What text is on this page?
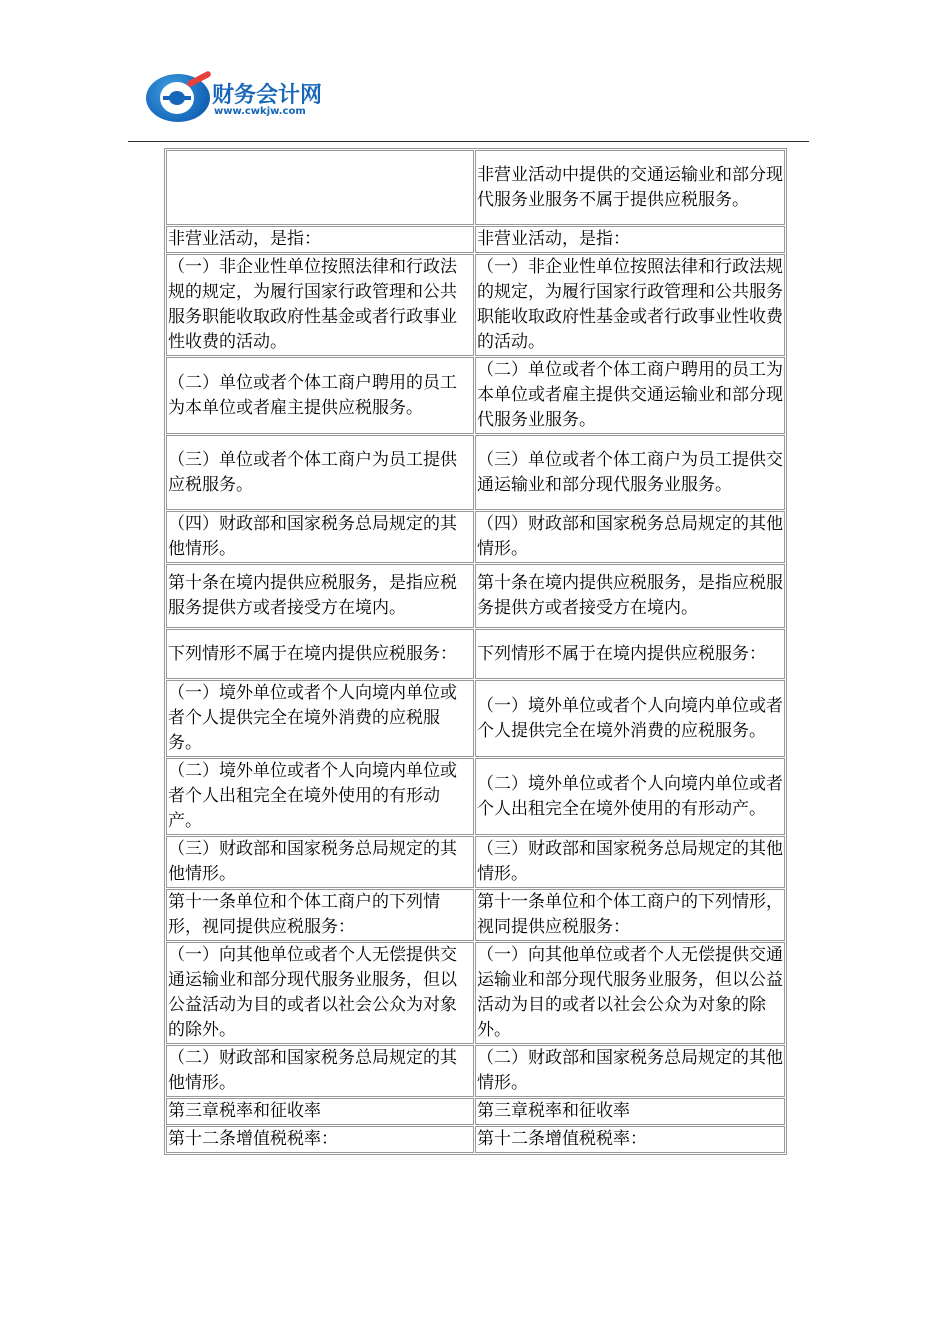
财务会计网
www.cwkjw.com
	非营业活动中提供的交通运输业和部分现代服务业服务不属于提供应税服务。
非营业活动，是指：	非营业活动，是指：
（一）非企业性单位按照法律和行政法规的规定，为履行国家行政管理和公共服务职能收取政府性基金或者行政事业性收费的活动。	（一）非企业性单位按照法律和行政法规的规定，为履行国家行政管理和公共服务职能收取政府性基金或者行政事业性收费的活动。
（二）单位或者个体工商户聘用的员工为本单位或者雇主提供应税服务。	（二）单位或者个体工商户聘用的员工为本单位或者雇主提供交通运输业和部分现代服务业服务。
（三）单位或者个体工商户为员工提供应税服务。	（三）单位或者个体工商户为员工提供交通运输业和部分现代服务业服务。
（四）财政部和国家税务总局规定的其他情形。	（四）财政部和国家税务总局规定的其他情形。
第十条在境内提供应税服务，是指应税服务提供方或者接受方在境内。	第十条在境内提供应税服务，是指应税服务提供方或者接受方在境内。
下列情形不属于在境内提供应税服务：	下列情形不属于在境内提供应税服务：
（一）境外单位或者个人向境内单位或者个人提供完全在境外消费的应税服务。	（一）境外单位或者个人向境内单位或者个人提供完全在境外消费的应税服务。
（二）境外单位或者个人向境内单位或者个人出租完全在境外使用的有形动产。	（二）境外单位或者个人向境内单位或者个人出租完全在境外使用的有形动产。
（三）财政部和国家税务总局规定的其他情形。	（三）财政部和国家税务总局规定的其他情形。
第十一条单位和个体工商户的下列情形，视同提供应税服务：	第十一条单位和个体工商户的下列情形，视同提供应税服务：
（一）向其他单位或者个人无偿提供交通运输业和部分现代服务业服务，但以公益活动为目的或者以社会公众为对象的除外。	（一）向其他单位或者个人无偿提供交通运输业和部分现代服务业服务，但以公益活动为目的或者以社会公众为对象的除外。
（二）财政部和国家税务总局规定的其他情形。	（二）财政部和国家税务总局规定的其他情形。
第三章税率和征收率	第三章税率和征收率
第十二条增值税税率：	第十二条增值税税率：
